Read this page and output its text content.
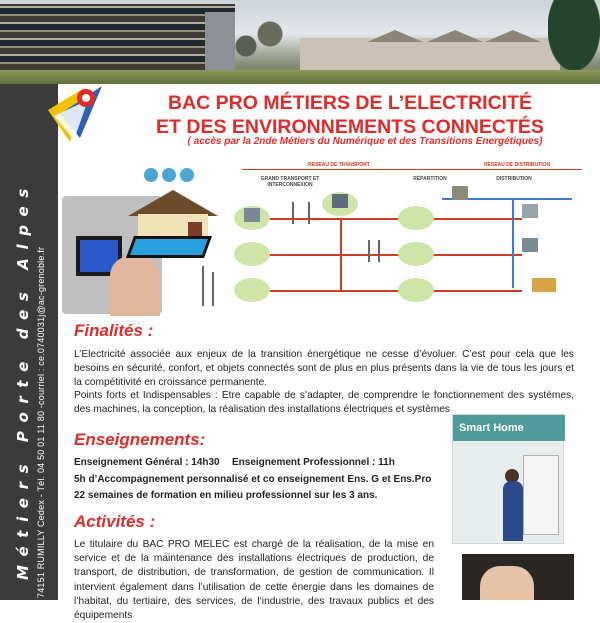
Métiers Porte des Alpes 74151 RUMILLY Cedex - Tél. 04 50 01 11 80 -courriel : ce.0740031j@ac-grenoble.fr
BAC PRO MÉTIERS DE L’ELECTRICITÉ
ET DES ENVIRONNEMENTS CONNECTÉS
( accès par la 2nde Métiers du Numérique et des Transitions Energétiques)
RESEAU DE TRANSPORT	RESEAU DE DISTRIBUTION
GRAND TRANSPORT ET INTERCONNEXION
RÉPARTITION	DISTRIBUTION
Finalités :
L’Electricité associée aux enjeux de la transition énergétique ne cesse d’évoluer. C’est pour cela que les besoins en sécurité, confort, et objets connectés sont de plus en plus présents dans la vie de tous les jours et la compétitivité en croissance permanente.
Points forts et Indispensables : Etre capable de s’adapter, de comprendre le fonctionnement des systèmes, des machines, la conception, la réalisation des installations électriques et systèmes
Enseignements:
Enseignement Général : 14h30 Enseignement Professionnel : 11h
5h d’Accompagnement personnalisé et co enseignement Ens. G et Ens.Pro
22 semaines de formation en milieu professionnel sur les 3 ans.
Activités :
Le titulaire du BAC PRO MELEC est chargé de la réalisation, de la mise en service et de la maintenance des installations électriques de production, de transport, de distribution, de transformation, de gestion de communication. Il intervient également dans l’utilisation de cette énergie dans les domaines de l’habitat, du tertiaire, des services, de l’industrie, des travaux publics et des équipements
Smart Home
